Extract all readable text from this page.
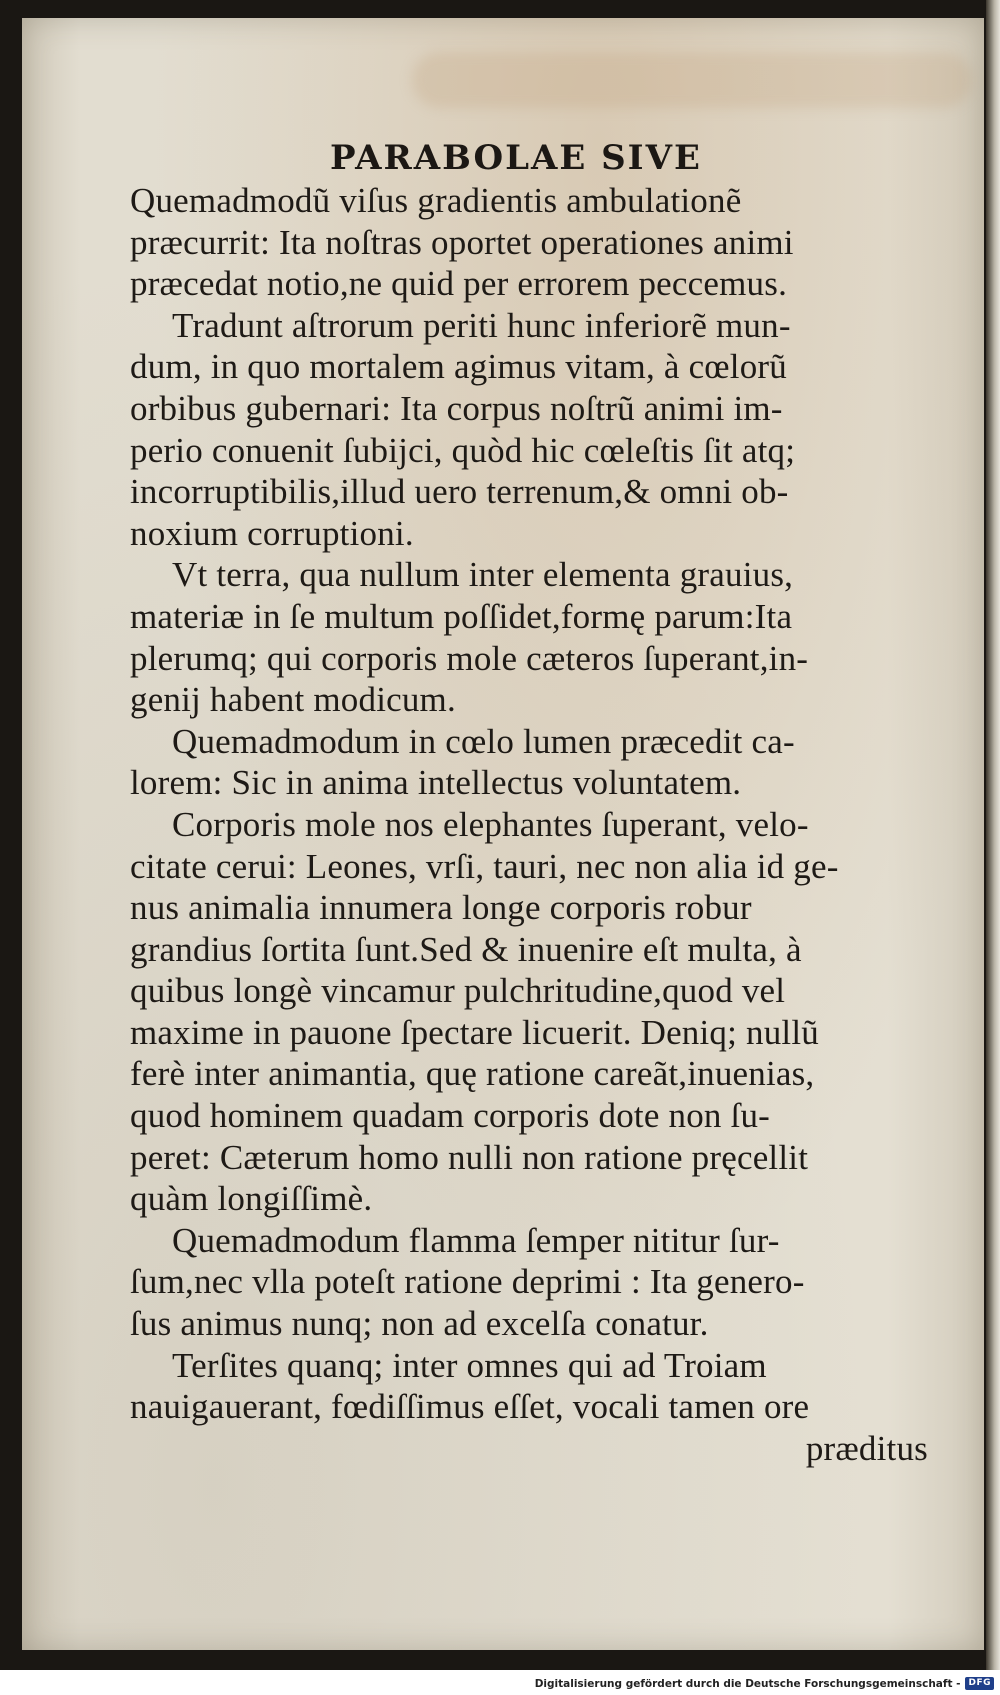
PARABOLAE SIVE
Quemadmodũ viſus gradientis ambulationẽ
præcurrit: Ita noſtras oportet operationes animi
præcedat notio,ne quid per errorem peccemus.
Tradunt aſtrorum periti hunc inferiorẽ mun-
dum, in quo mortalem agimus vitam, à cœlorũ
orbibus gubernari: Ita corpus noſtrũ animi im-
perio conuenit ſubijci, quòd hic cœleſtis ſit atq;
incorruptibilis,illud uero terrenum,& omni ob-
noxium corruptioni.
Vt terra, qua nullum inter elementa grauius,
materiæ in ſe multum poſſidet,formę parum:Ita
plerumq; qui corporis mole cæteros ſuperant,in-
genij habent modicum.
Quemadmodum in cœlo lumen præcedit ca-
lorem: Sic in anima intellectus voluntatem.
Corporis mole nos elephantes ſuperant, velo-
citate cerui: Leones, vrſi, tauri, nec non alia id ge-
nus animalia innumera longe corporis robur
grandius ſortita ſunt.Sed & inuenire eſt multa, à
quibus longè vincamur pulchritudine,quod vel
maxime in pauone ſpectare licuerit. Deniq; nullũ
ferè inter animantia, quę ratione careãt,inuenias,
quod hominem quadam corporis dote non ſu-
peret: Cæterum homo nulli non ratione pręcellit
quàm longiſſimè.
Quemadmodum flamma ſemper nititur ſur-
ſum,nec vlla poteſt ratione deprimi : Ita genero-
ſus animus nunq; non ad excelſa conatur.
Terſites quanq; inter omnes qui ad Troiam
nauigauerant, fœdiſſimus eſſet, vocali tamen ore
præditus
Digitalisierung gefördert durch die Deutsche Forschungsgemeinschaft - DFG
